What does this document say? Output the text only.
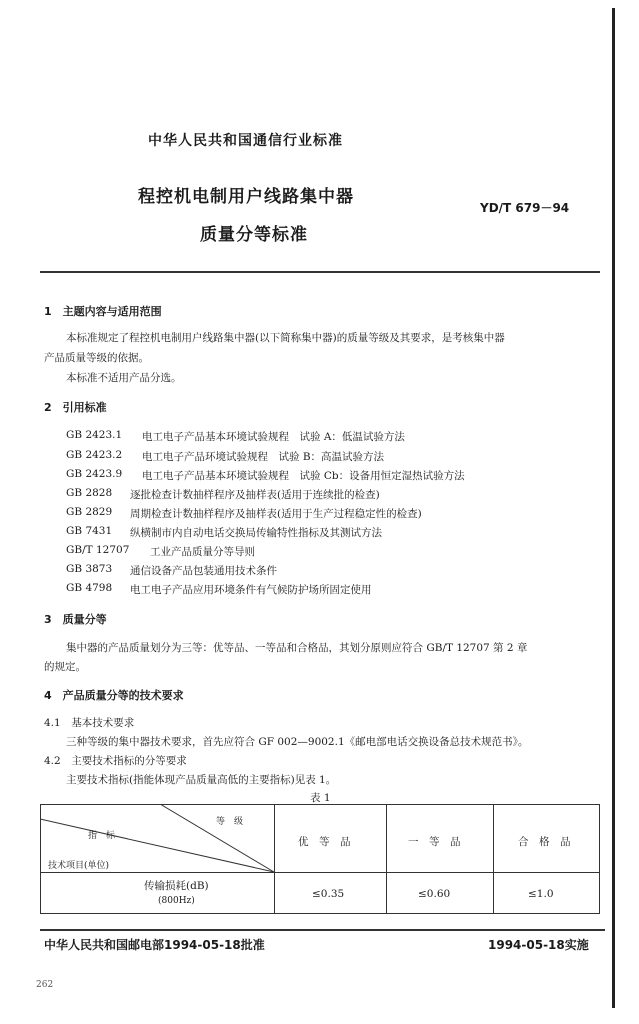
中华人民共和国通信行业标准
程控机电制用户线路集中器
质量分等标准
YD/T 679－94
1　主题内容与适用范围
本标准规定了程控机电制用户线路集中器(以下简称集中器)的质量等级及其要求，是考核集中器
产品质量等级的依据。
本标准不适用产品分选。
2　引用标准
GB 2423.1 电工电子产品基本环境试验规程　试验 A：低温试验方法
GB 2423.2 电工电子产品环境试验规程　试验 B：高温试验方法
GB 2423.9 电工电子产品基本环境试验规程　试验 Cb：设备用恒定湿热试验方法
GB 2828 逐批检查计数抽样程序及抽样表(适用于连续批的检查)
GB 2829 周期检查计数抽样程序及抽样表(适用于生产过程稳定性的检查)
GB 7431 纵横制市内自动电话交换局传输特性指标及其测试方法
GB/T 12707 工业产品质量分等导则
GB 3873 通信设备产品包装通用技术条件
GB 4798 电工电子产品应用环境条件有气候防护场所固定使用
3　质量分等
集中器的产品质量划分为三等：优等品、一等品和合格品，其划分原则应符合 GB/T 12707 第 2 章
的规定。
4　产品质量分等的技术要求
4.1　基本技术要求
三种等级的集中器技术要求，首先应符合 GF 002—9002.1《邮电部电话交换设备总技术规范书》。
4.2　主要技术指标的分等要求
主要技术指标(指能体现产品质量高低的主要指标)见表 1。
表 1
等　级
指　标
技术项目(单位)
优　等　品	一　等　品	合　格　品
传输损耗(dB)
(800Hz)
≤0.35	≤0.60	≤1.0
中华人民共和国邮电部1994-05-18批准	1994-05-18实施
262
